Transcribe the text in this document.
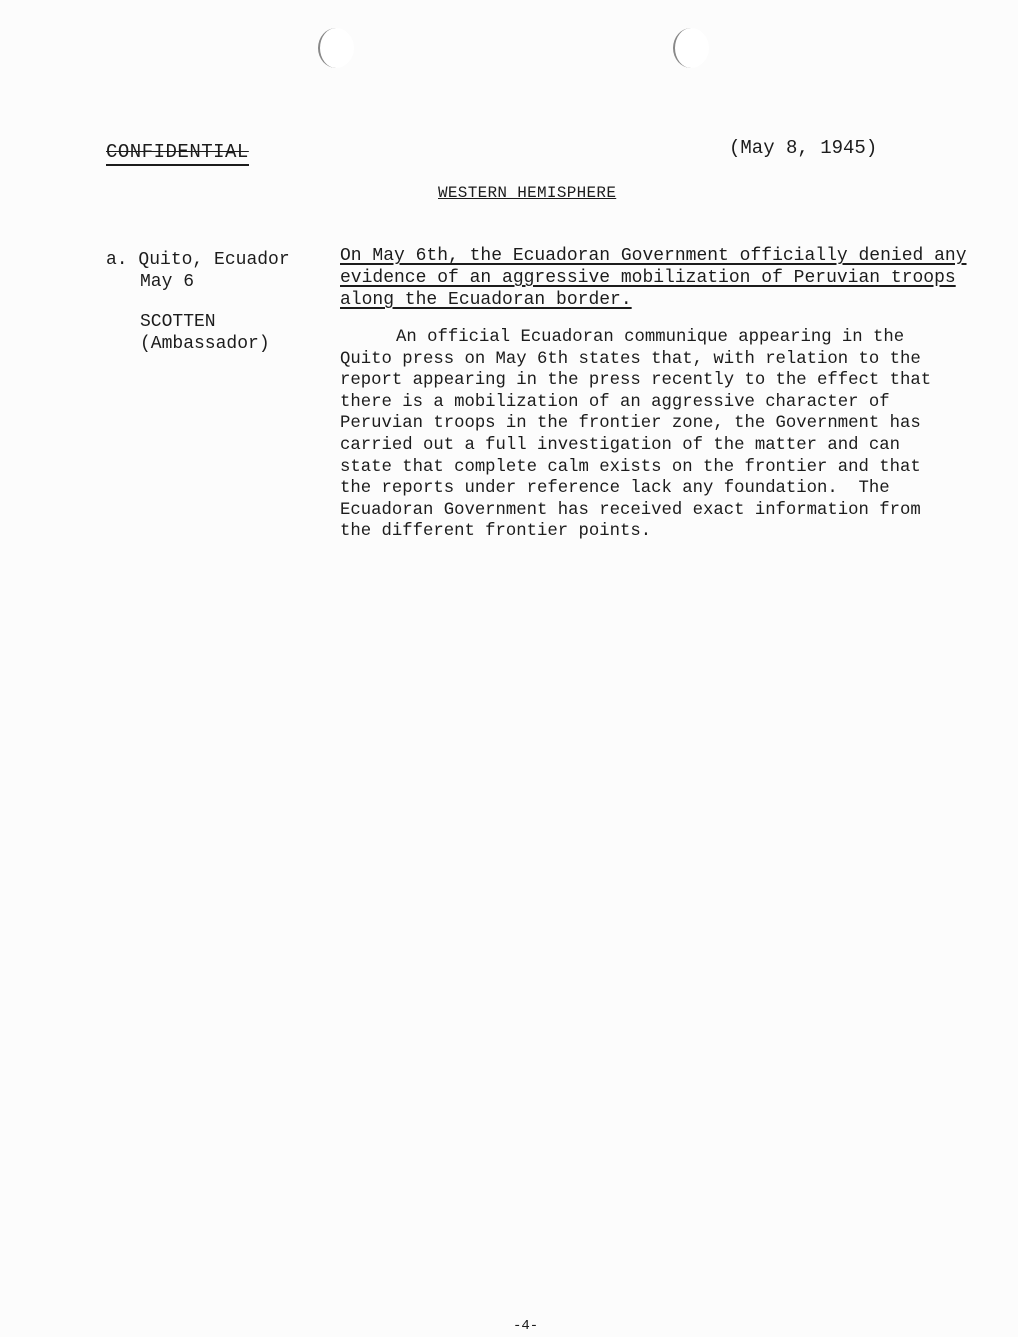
CONFIDENTIAL	(May 8, 1945)
WESTERN HEMISPHERE
a. Quito, Ecuador
May 6
SCOTTEN
(Ambassador)

On May 6th, the Ecuadoran Government officially denied any
evidence of an aggressive mobilization of Peruvian troops
along the Ecuadoran border.

An official Ecuadoran communique appearing in the
Quito press on May 6th states that, with relation to the
report appearing in the press recently to the effect that
there is a mobilization of an aggressive character of
Peruvian troops in the frontier zone, the Government has
carried out a full investigation of the matter and can
state that complete calm exists on the frontier and that
the reports under reference lack any foundation.  The
Ecuadoran Government has received exact information from
the different frontier points.

-4-
